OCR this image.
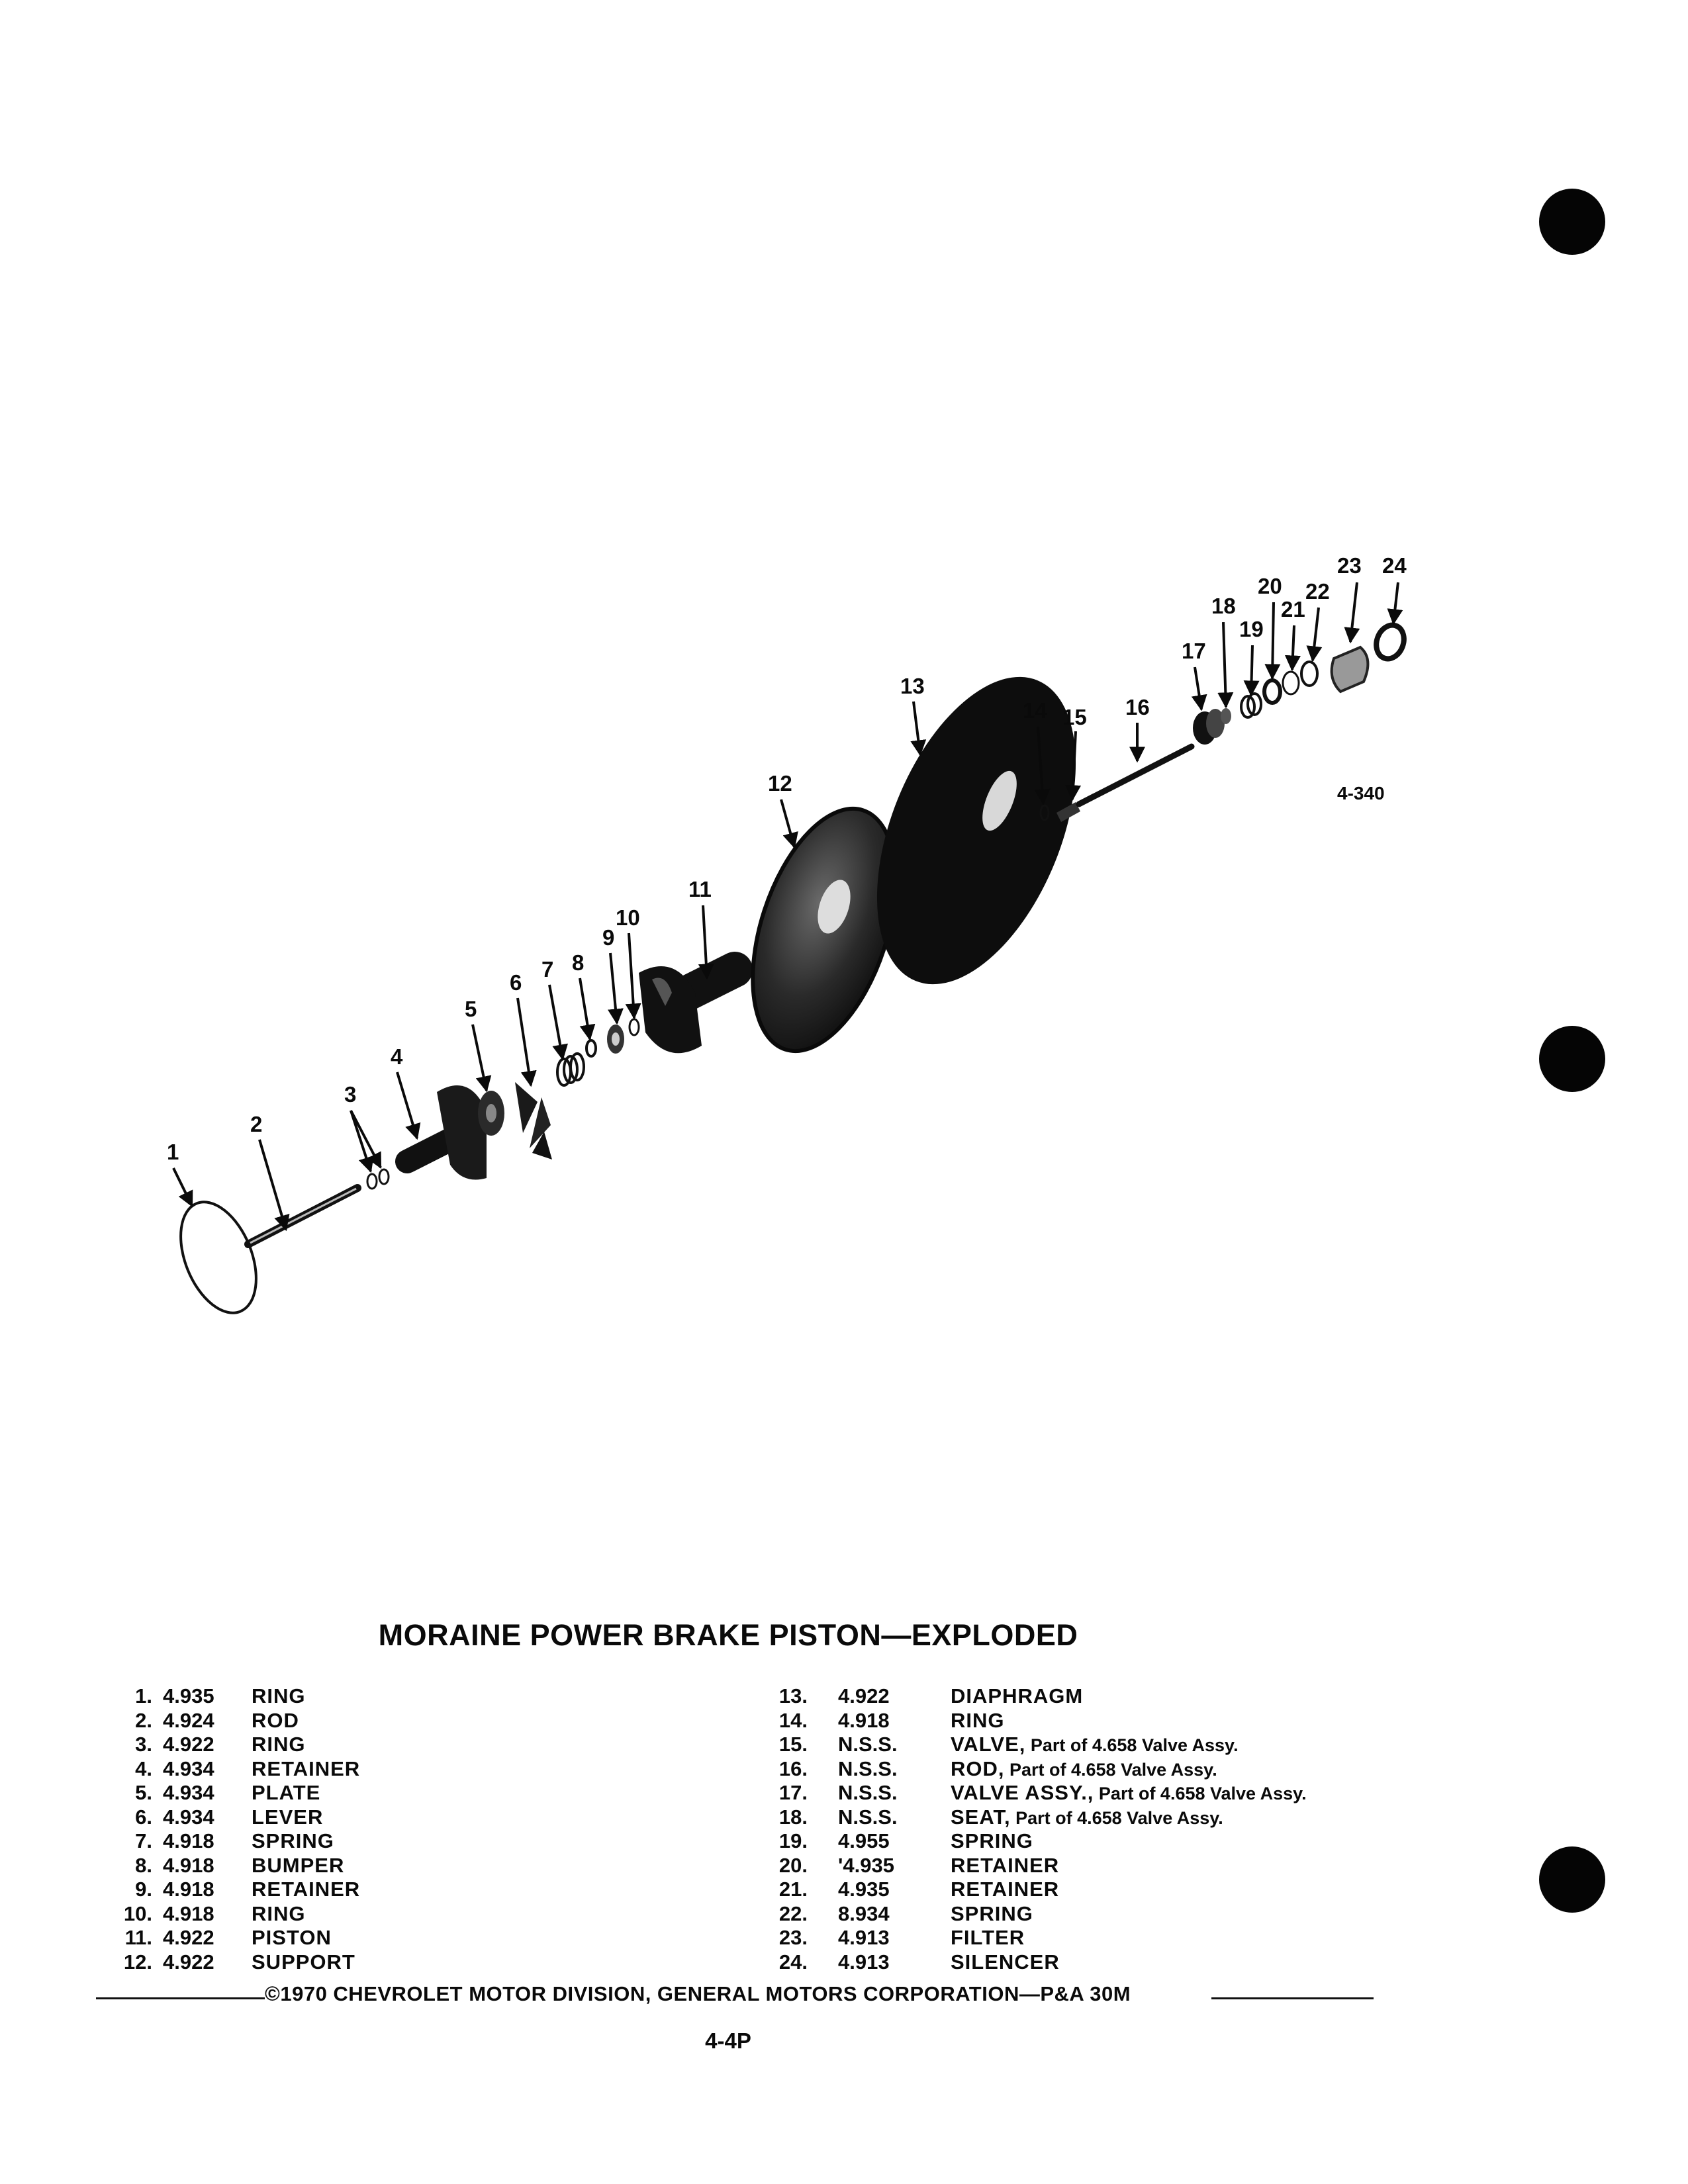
1
2
3
4
5
6
7 8
9
10
11
12
13
14 15 16
17
18
19
20
21
22
23 24
4-340
MORAINE POWER BRAKE PISTON—EXPLODED
1. 4.935 RING
2. 4.924 ROD
3. 4.922 RING
4. 4.934 RETAINER
5. 4.934 PLATE
6. 4.934 LEVER
7. 4.918 SPRING
8. 4.918 BUMPER
9. 4.918 RETAINER
10. 4.918 RING
11. 4.922 PISTON
12. 4.922 SUPPORT
13. 4.922	DIAPHRAGM
14. 4.918	RING
15. N.S.S.	VALVE, Part of 4.658 Valve Assy.
16. N.S.S.	ROD, Part of 4.658 Valve Assy.
17. N.S.S.	VALVE ASSY., Part of 4.658 Valve Assy.
18. N.S.S.	SEAT, Part of 4.658 Valve Assy.
19. 4.955	SPRING
20. '4.935	RETAINER
21. 4.935	RETAINER
22. 8.934	SPRING
23. 4.913	FILTER
24. 4.913	SILENCER
©1970 CHEVROLET MOTOR DIVISION, GENERAL MOTORS CORPORATION—P&A 30M
4-4P
